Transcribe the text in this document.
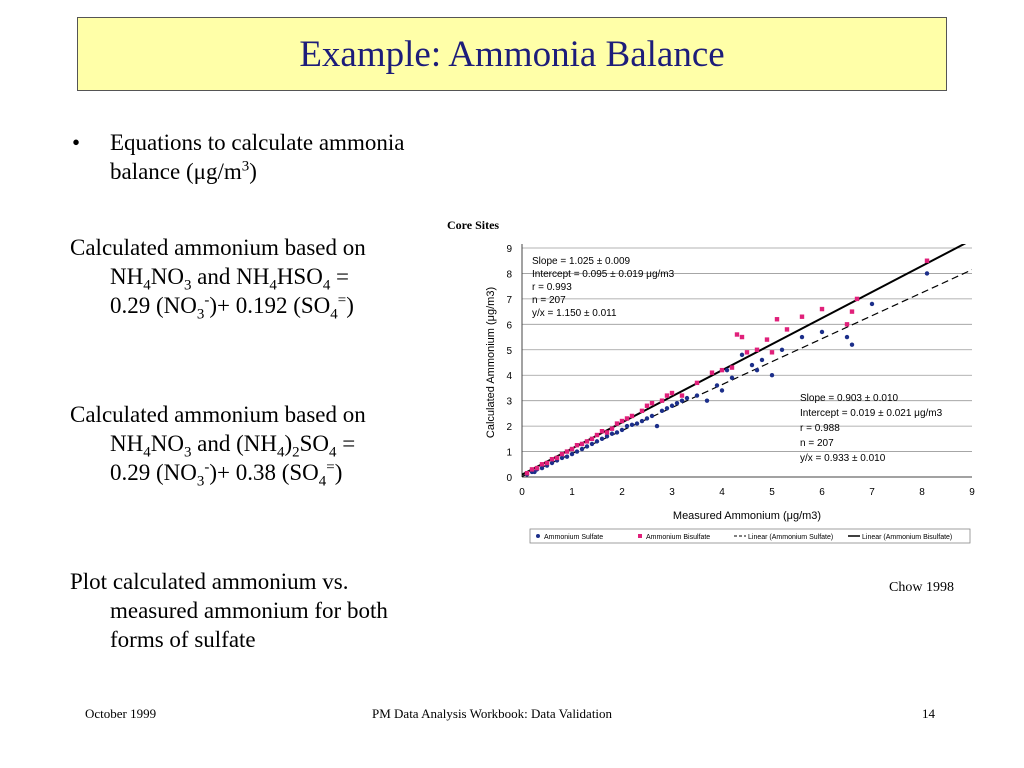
Example: Ammonia Balance
• Equations to calculate ammonia
balance $(\mu g/m^3)$
Calculated ammonium based on
$NH_4NO_3$ and $NH_4HSO_4$ =
0.29 $(NO_3^-)+ 0.192$ $(SO_4^=)$
Calculated ammonium based on
$NH_4NO_3$ and $(NH_4)_2SO_4$ =
0.29 $(NO_3^-)+ 0.38$ $(SO_4^=)$
Plot calculated ammonium vs.
measured ammonium for both
forms of sulfate
Core Sites
0
1
2
3
4
5
6
7
8
9
0	1	2	3	4	5	6	7	8	9
Measured Ammonium (μg/m3)
Calculated Ammonium (μg/m3)
Slope = 1.025 ± 0.009
Intercept = 0.095 ± 0.019 μg/m3
r = 0.993
n = 207
y/x = 1.150 ± 0.011
Slope = 0.903 ± 0.010
Intercept = 0.019 ± 0.021 μg/m3
r = 0.988
n = 207
y/x = 0.933 ± 0.010
Ammonium Sulfate	Ammonium Bisulfate	Linear (Ammonium Sulfate)	Linear (Ammonium Bisulfate)
Chow 1998
October 1999	PM Data Analysis Workbook: Data Validation	14
